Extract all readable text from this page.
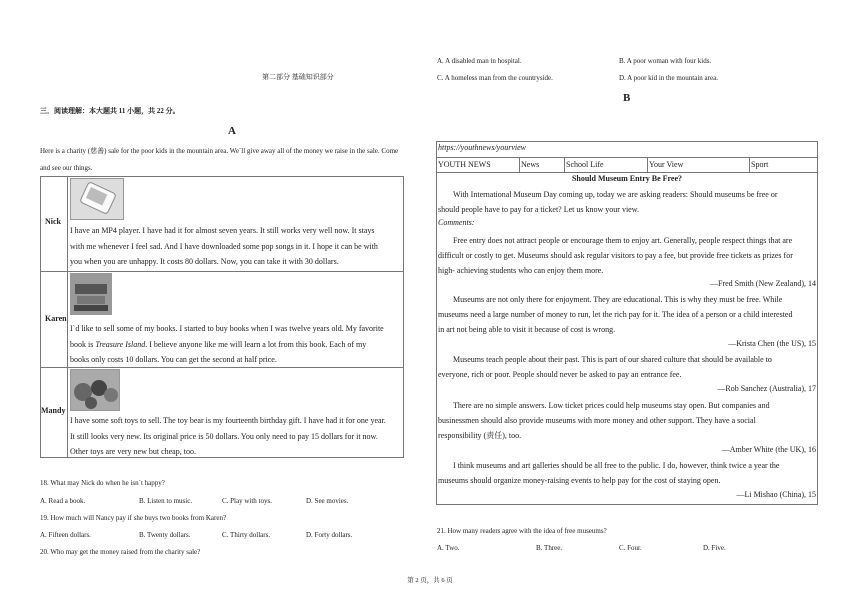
第二部分 基础知识部分
三．阅读理解：本大题共 11 小题，共 22 分。
A
Here is a charity (慈善) sale for the poor kids in the mountain area. We`ll give away all of the money we raise in the sale. Come
and see our things.
Nick
I have an MP4 player. I have had it for almost seven years. It still works very well now. It stays
with me whenever I feel sad. And I have downloaded some pop songs in it. I hope it can be with
you when you are unhappy. It costs 80 dollars. Now, you can take it with 30 dollars.
Karen
I`d like to sell some of my books. I started to buy books when I was twelve years old. My favorite
book is Treasure Island. I believe anyone like me will learn a lot from this book. Each of my
books only costs 10 dollars. You can get the second at half price.
Mandy
I have some soft toys to sell. The toy bear is my fourteenth birthday gift. I have had it for one year.
It still looks very new. Its original price is 50 dollars. You only need to pay 15 dollars for it now.
Other toys are very new but cheap, too.
18. What may Nick do when he isn`t happy?
A. Read a book.	B. Listen to music.	C. Play with toys.	D. See movies.
19. How much will Nancy pay if she buys two books from Karen?
A. Fifteen dollars.	B. Twenty dollars.	C. Thirty dollars.	D. Forty dollars.
20. Who may get the money raised from the charity sale?
A. A disabled man in hospital.	B. A poor woman with four kids.
C. A homeless man from the countryside.	D. A poor kid in the mountain area.
B
https://youthnews/yourview
YOUTH NEWS	News	School Life	Your View	Sport
Should Museum Entry Be Free?
With International Museum Day coming up, today we are asking readers: Should museums be free or
should people have to pay for a ticket? Let us know your view.
Comments:
Free entry does not attract people or encourage them to enjoy art. Generally, people respect things that are
difficult or costly to get. Museums should ask regular visitors to pay a fee, but provide free tickets as prizes for
high- achieving students who can enjoy them more.
—Fred Smith (New Zealand), 14
Museums are not only there for enjoyment. They are educational. This is why they must be free. While
museums need a large number of money to run, let the rich pay for it. The idea of a person or a child interested
in art not being able to visit it because of cost is wrong.
—Krista Chen (the US), 15
Museums teach people about their past. This is part of our shared culture that should be available to
everyone, rich or poor. People should never be asked to pay an entrance fee.
—Rob Sanchez (Australia), 17
There are no simple answers. Low ticket prices could help museums stay open. But companies and
businessmen should also provide museums with more money and other support. They have a social
responsibility (责任), too.
—Amber White (the UK), 16
I think museums and art galleries should be all free to the public. I do, however, think twice a year the
museums should organize money-raising events to help pay for the cost of staying open.
—Li Mishao (China), 15
21. How many readers agree with the idea of free museums?
A. Two.	B. Three.	C. Four.	D. Five.
第 2 页，共 6 页
